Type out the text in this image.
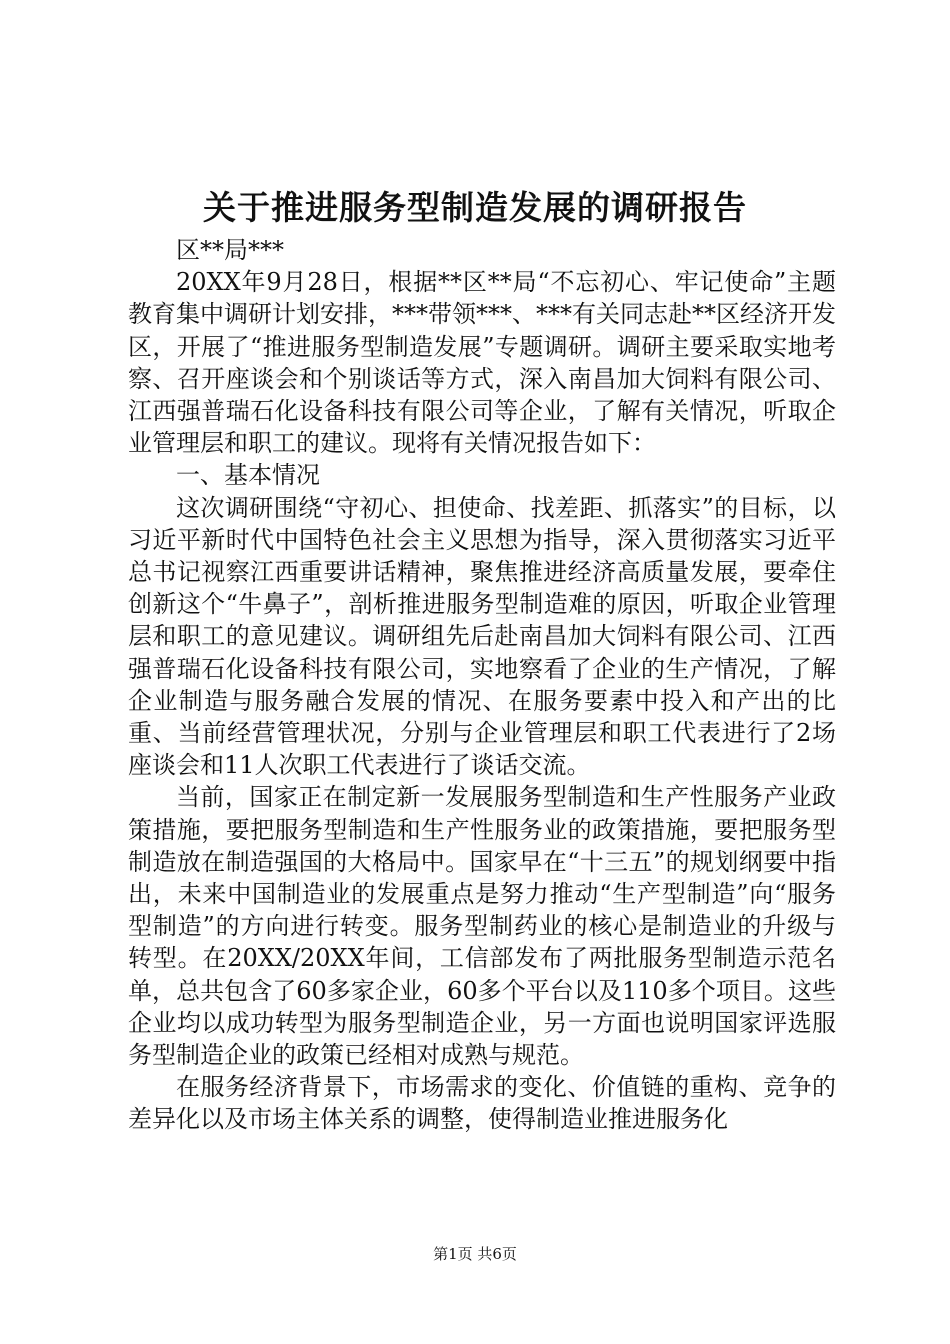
关于推进服务型制造发展的调研报告

区**局***

20XX年9月28日，根据**区**局“不忘初心、牢记使命”主题教育集中调研计划安排，***带领***、***有关同志赴**区经济开发区，开展了“推进服务型制造发展”专题调研。调研主要采取实地考察、召开座谈会和个别谈话等方式，深入南昌加大饲料有限公司、江西强普瑞石化设备科技有限公司等企业，了解有关情况，听取企业管理层和职工的建议。现将有关情况报告如下：

一、基本情况

这次调研围绕“守初心、担使命、找差距、抓落实”的目标，以习近平新时代中国特色社会主义思想为指导，深入贯彻落实习近平总书记视察江西重要讲话精神，聚焦推进经济高质量发展，要牵住创新这个“牛鼻子”，剖析推进服务型制造难的原因，听取企业管理层和职工的意见建议。调研组先后赴南昌加大饲料有限公司、江西强普瑞石化设备科技有限公司，实地察看了企业的生产情况，了解企业制造与服务融合发展的情况、在服务要素中投入和产出的比重、当前经营管理状况，分别与企业管理层和职工代表进行了2场座谈会和11人次职工代表进行了谈话交流。

当前，国家正在制定新一发展服务型制造和生产性服务产业政策措施，要把服务型制造和生产性服务业的政策措施，要把服务型制造放在制造强国的大格局中。国家早在“十三五”的规划纲要中指出，未来中国制造业的发展重点是努力推动“生产型制造”向“服务型制造”的方向进行转变。服务型制药业的核心是制造业的升级与转型。在20XX/20XX年间，工信部发布了两批服务型制造示范名单，总共包含了60多家企业，60多个平台以及110多个项目。这些企业均以成功转型为服务型制造企业，另一方面也说明国家评选服务型制造企业的政策已经相对成熟与规范。

在服务经济背景下，市场需求的变化、价值链的重构、竞争的差异化以及市场主体关系的调整，使得制造业推进服务化

第1页 共6页
